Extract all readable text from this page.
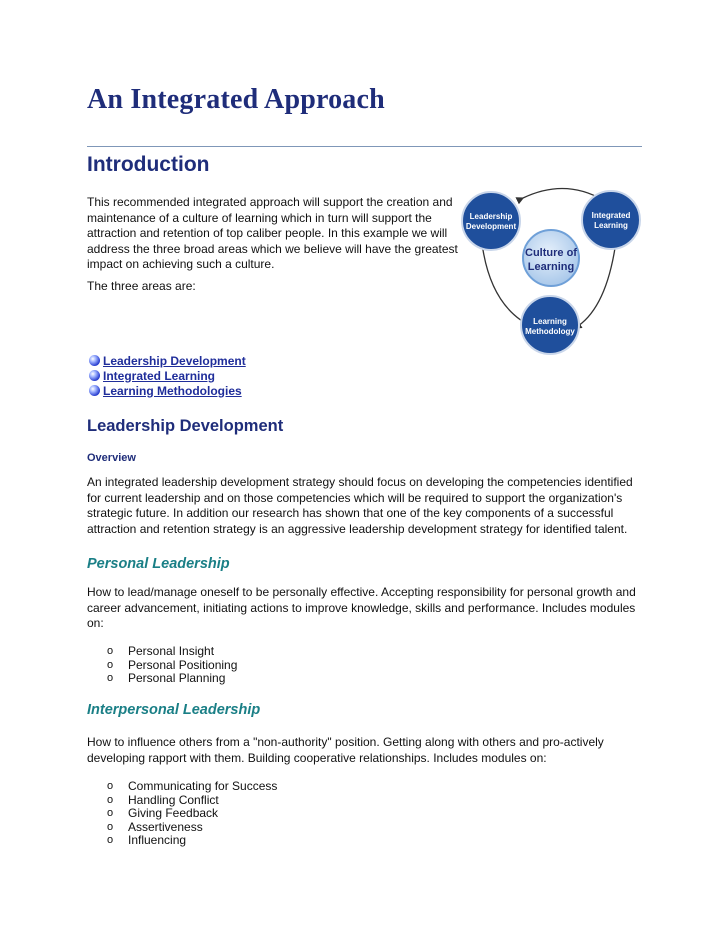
An Integrated Approach
Introduction

This recommended integrated approach will support the creation and maintenance of a culture of learning which in turn will support the attraction and retention of top caliber people. In this example we will address the three broad areas which we believe will have the greatest impact on achieving such a culture.

The three areas are:

Leadership
Development
Integrated
Learning
Learning
Methodology
Culture of
Learning
Leadership Development
Integrated Learning
Learning Methodologies
Leadership Development

Overview

An integrated leadership development strategy should focus on developing the competencies identified for current leadership and on those competencies which will be required to support the organization's strategic future. In addition our research has shown that one of the key components of a successful attraction and retention strategy is an aggressive leadership development strategy for identified talent.

Personal Leadership

How to lead/manage oneself to be personally effective. Accepting responsibility for personal growth and career advancement, initiating actions to improve knowledge, skills and performance. Includes modules on:

o	Personal Insight
o	Personal Positioning
o	Personal Planning
Interpersonal Leadership

How to influence others from a "non-authority" position. Getting along with others and pro-actively developing rapport with them. Building cooperative relationships. Includes modules on:

o	Communicating for Success
o	Handling Conflict
o	Giving Feedback
o	Assertiveness
o	Influencing
